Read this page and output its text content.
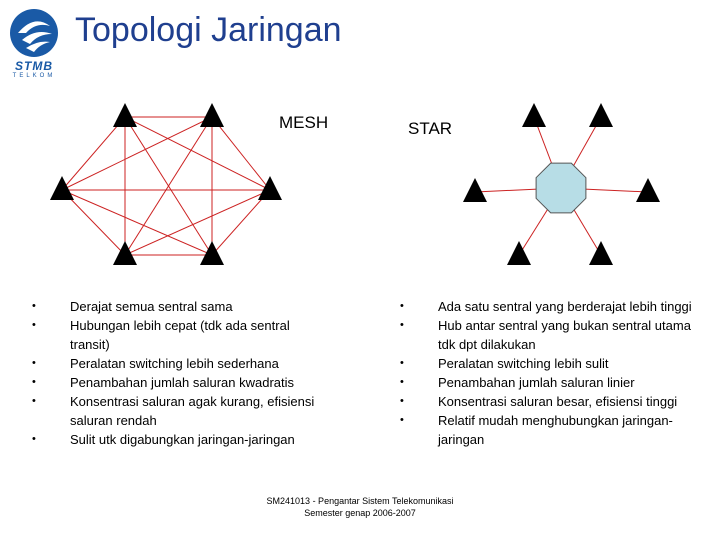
STMB
TELKOM
Topologi Jaringan
MESH	STAR
• Derajat semua sentral sama
• Hubungan lebih cepat (tdk ada sentral transit)
• Peralatan switching lebih sederhana
• Penambahan jumlah saluran kwadratis
• Konsentrasi saluran agak kurang, efisiensi saluran rendah
• Sulit utk digabungkan jaringan-jaringan
• Ada satu sentral yang berderajat lebih tinggi
• Hub antar sentral yang bukan sentral utama tdk dpt dilakukan
• Peralatan switching lebih sulit
• Penambahan jumlah saluran linier
• Konsentrasi saluran besar, efisiensi tinggi
• Relatif mudah menghubungkan jaringan-jaringan
SM241013 - Pengantar Sistem Telekomunikasi
Semester genap 2006-2007
